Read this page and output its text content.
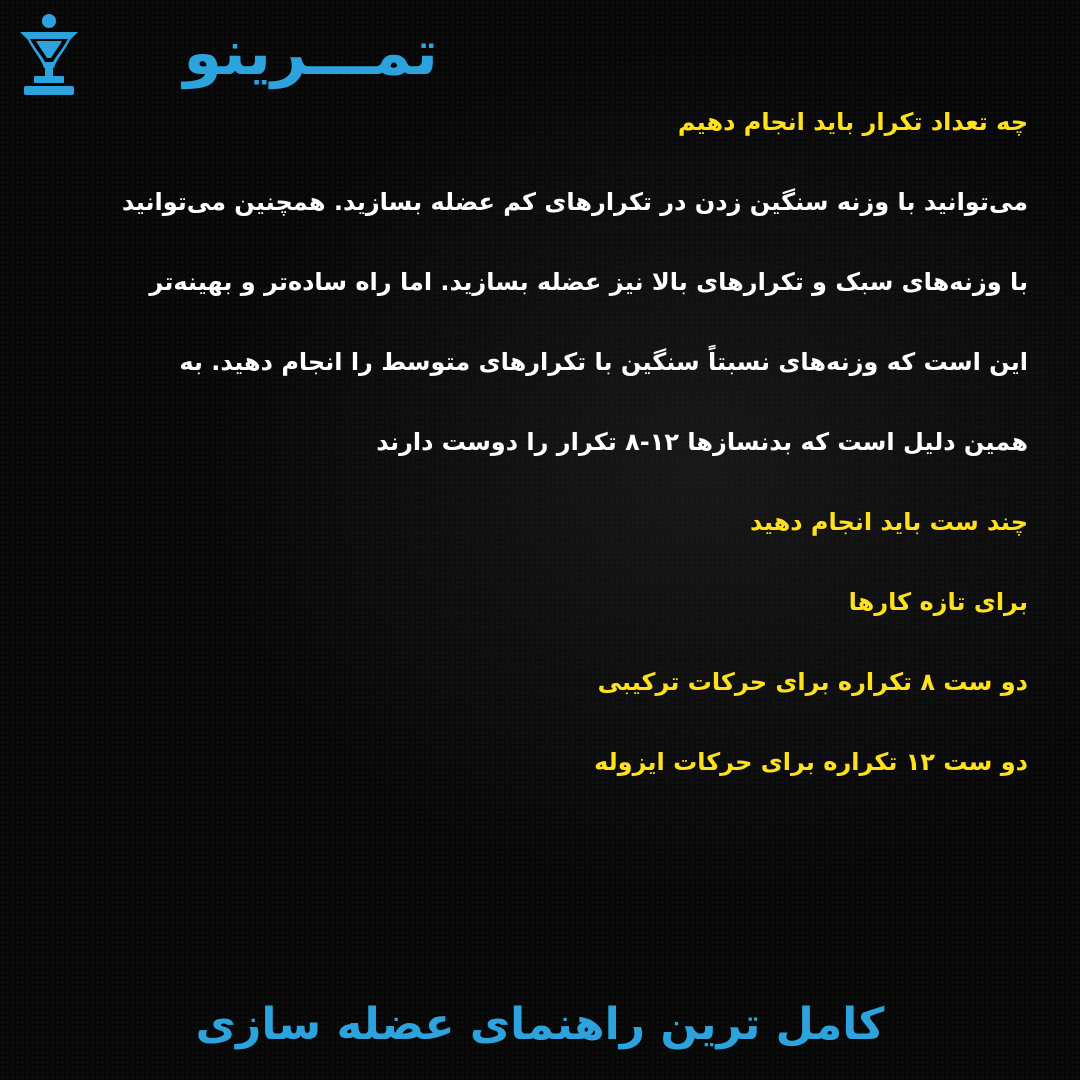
تمـــرینو
چه تعداد تکرار باید انجام دهیم
می‌توانید با وزنه سنگین زدن در تکرارهای کم عضله بسازید. همچنین می‌توانید
با وزنه‌های سبک و تکرارهای بالا نیز عضله بسازید. اما راه ساده‌تر و بهینه‌تر
این است که وزنه‌های نسبتاً سنگین با تکرارهای متوسط را انجام دهید. به
همین دلیل است که بدنسازها ۱۲-۸ تکرار را دوست دارند
چند ست باید انجام دهید
برای تازه کارها
دو ست ۸ تکراره برای حرکات ترکیبی
دو ست ۱۲ تکراره برای حرکات ایزوله
کامل ترین راهنمای عضله سازی
